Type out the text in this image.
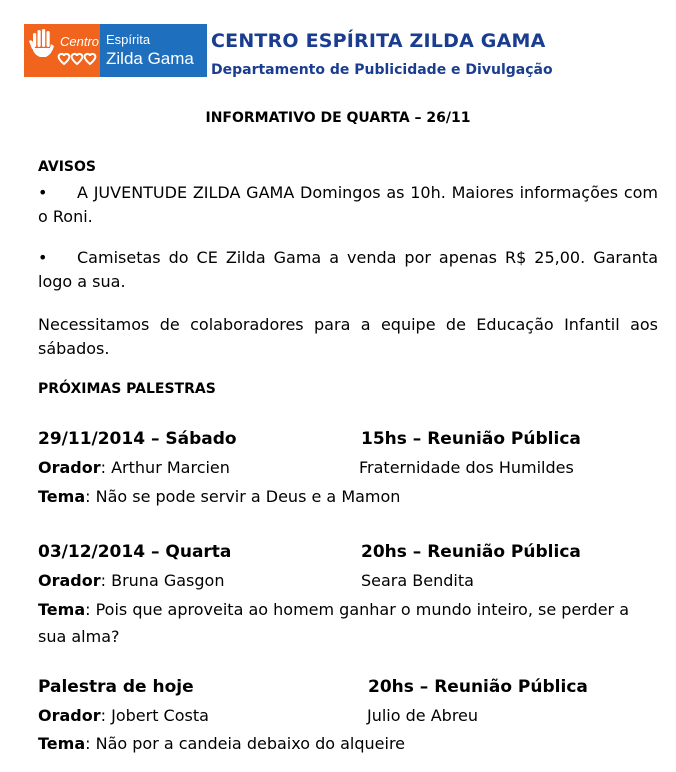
Centro Espírita
Zilda Gama
CENTRO ESPÍRITA ZILDA GAMA
Departamento de Publicidade e Divulgação
INFORMATIVO DE QUARTA – 26/11
AVISOS
•	A JUVENTUDE ZILDA GAMA Domingos as 10h. Maiores informações com o Roni.
•	Camisetas do CE Zilda Gama a venda por apenas R$ 25,00. Garanta logo a sua.
Necessitamos de colaboradores para a equipe de Educação Infantil aos sábados.
PRÓXIMAS PALESTRAS
29/11/2014 – Sábado	15hs – Reunião Pública
Orador: Arthur Marcien	Fraternidade dos Humildes
Tema: Não se pode servir a Deus e a Mamon
03/12/2014 – Quarta	20hs – Reunião Pública
Orador: Bruna Gasgon	Seara Bendita
Tema: Pois que aproveita ao homem ganhar o mundo inteiro, se perder a
sua alma?
Palestra de hoje	20hs – Reunião Pública
Orador: Jobert Costa	Julio de Abreu
Tema: Não por a candeia debaixo do alqueire
